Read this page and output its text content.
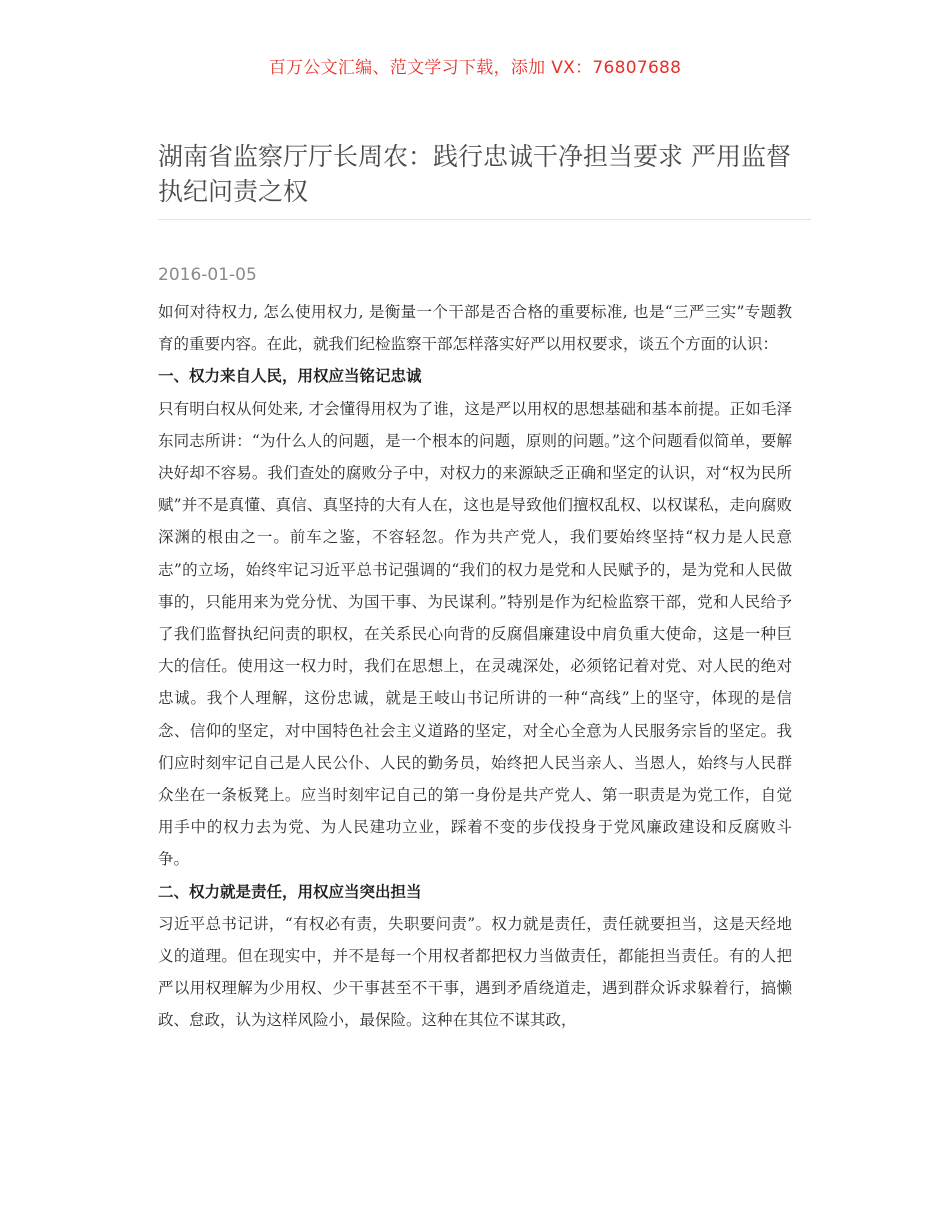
百万公文汇编、范文学习下载，添加 VX：76807688
湖南省监察厅厅长周农：践行忠诚干净担当要求 严用监督执纪问责之权
2016-01-05

如何对待权力, 怎么使用权力, 是衡量一个干部是否合格的重要标准, 也是“三严三实”专题教育的重要内容。在此，就我们纪检监察干部怎样落实好严以用权要求，谈五个方面的认识：

一、权力来自人民，用权应当铭记忠诚

只有明白权从何处来, 才会懂得用权为了谁，这是严以用权的思想基础和基本前提。正如毛泽东同志所讲：“为什么人的问题，是一个根本的问题，原则的问题。”这个问题看似简单，要解决好却不容易。我们查处的腐败分子中，对权力的来源缺乏正确和坚定的认识，对“权为民所赋”并不是真懂、真信、真坚持的大有人在，这也是导致他们擅权乱权、以权谋私，走向腐败深渊的根由之一。前车之鉴，不容轻忽。作为共产党人，我们要始终坚持“权力是人民意志”的立场，始终牢记习近平总书记强调的“我们的权力是党和人民赋予的，是为党和人民做事的，只能用来为党分忧、为国干事、为民谋利。”特别是作为纪检监察干部，党和人民给予了我们监督执纪问责的职权，在关系民心向背的反腐倡廉建设中肩负重大使命，这是一种巨大的信任。使用这一权力时，我们在思想上，在灵魂深处，必须铭记着对党、对人民的绝对忠诚。我个人理解，这份忠诚，就是王岐山书记所讲的一种“高线”上的坚守，体现的是信念、信仰的坚定，对中国特色社会主义道路的坚定，对全心全意为人民服务宗旨的坚定。我们应时刻牢记自己是人民公仆、人民的勤务员，始终把人民当亲人、当恩人，始终与人民群众坐在一条板凳上。应当时刻牢记自己的第一身份是共产党人、第一职责是为党工作，自觉用手中的权力去为党、为人民建功立业，踩着不变的步伐投身于党风廉政建设和反腐败斗争。

二、权力就是责任，用权应当突出担当

习近平总书记讲，“有权必有责，失职要问责”。权力就是责任，责任就要担当，这是天经地义的道理。但在现实中，并不是每一个用权者都把权力当做责任，都能担当责任。有的人把严以用权理解为少用权、少干事甚至不干事，遇到矛盾绕道走，遇到群众诉求躲着行，搞懒政、怠政，认为这样风险小，最保险。这种在其位不谋其政，
